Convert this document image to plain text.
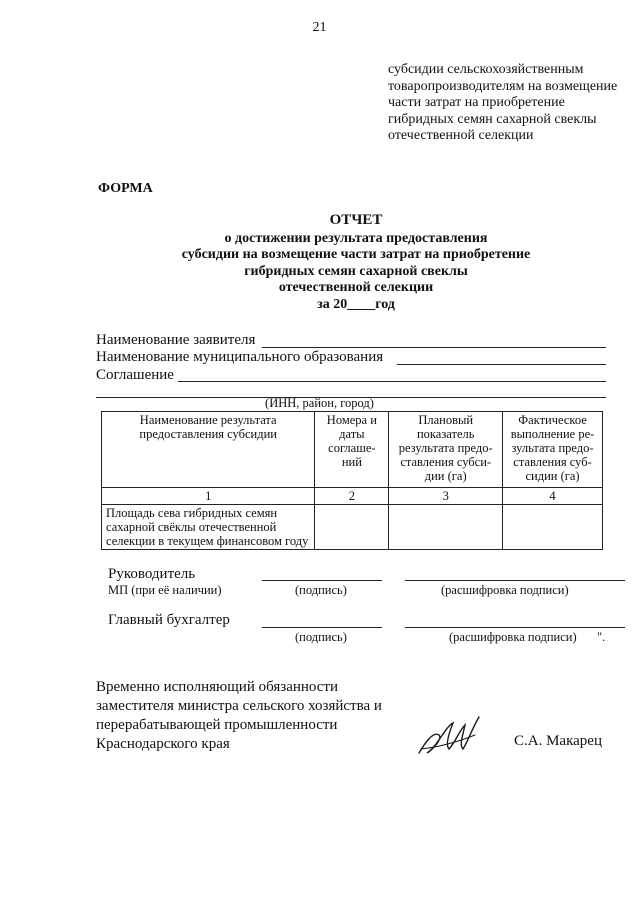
21
субсидии сельскохозяйственным товаропроизводителям на возмещение части затрат на приобретение гибридных семян сахарной свеклы отечественной селекции
ФОРМА
ОТЧЕТ
о достижении результата предоставления
субсидии на возмещение части затрат на приобретение
гибридных семян сахарной свеклы
отечественной селекции
за 20____год
Наименование заявителя
Наименование муниципального образования
Соглашение
(ИНН, район, город)
Наименование результата предоставления субсидии	Номера и даты соглаше-ний	Плановый показатель результата предо-ставления субси-дии (га)	Фактическое выполнение ре-зультата предо-ставления суб-сидии (га)
1	2	3	4
Площадь сева гибридных семян сахарной свёклы отечественной селекции в текущем финансовом году			
Руководитель
МП (при её наличии)	(подпись)	(расшифровка подписи)
Главный бухгалтер
(подпись)	(расшифровка подписи) ".
Временно исполняющий обязанности заместителя министра сельского хозяйства и перерабатывающей промышленности Краснодарского края	С.А. Макарец
